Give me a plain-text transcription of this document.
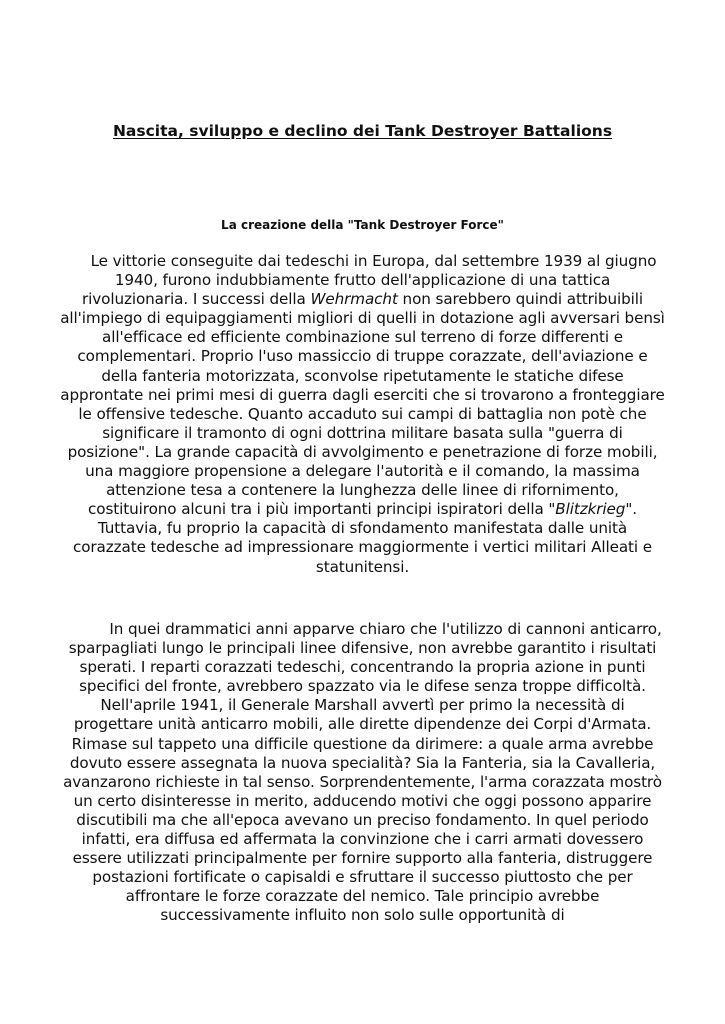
Nascita, sviluppo e declino dei Tank Destroyer Battalions
La creazione della "Tank Destroyer Force"

Le vittorie conseguite dai tedeschi in Europa, dal settembre 1939 al giugno 1940, furono indubbiamente frutto dell'applicazione di una tattica rivoluzionaria. I successi della Wehrmacht non sarebbero quindi attribuibili all'impiego di equipaggiamenti migliori di quelli in dotazione agli avversari bensì all'efficace ed efficiente combinazione sul terreno di forze differenti e complementari. Proprio l'uso massiccio di truppe corazzate, dell'aviazione e della fanteria motorizzata, sconvolse ripetutamente le statiche difese approntate nei primi mesi di guerra dagli eserciti che si trovarono a fronteggiare le offensive tedesche. Quanto accaduto sui campi di battaglia non potè che significare il tramonto di ogni dottrina militare basata sulla "guerra di posizione". La grande capacità di avvolgimento e penetrazione di forze mobili, una maggiore propensione a delegare l'autorità e il comando, la massima attenzione tesa a contenere la lunghezza delle linee di rifornimento, costituirono alcuni tra i più importanti principi ispiratori della "Blitzkrieg". Tuttavia, fu proprio la capacità di sfondamento manifestata dalle unità corazzate tedesche ad impressionare maggiormente i vertici militari Alleati e statunitensi.

In quei drammatici anni apparve chiaro che l'utilizzo di cannoni anticarro, sparpagliati lungo le principali linee difensive, non avrebbe garantito i risultati sperati. I reparti corazzati tedeschi, concentrando la propria azione in punti specifici del fronte, avrebbero spazzato via le difese senza troppe difficoltà. Nell'aprile 1941, il Generale Marshall avvertì per primo la necessità di progettare unità anticarro mobili, alle dirette dipendenze dei Corpi d'Armata. Rimase sul tappeto una difficile questione da dirimere: a quale arma avrebbe dovuto essere assegnata la nuova specialità? Sia la Fanteria, sia la Cavalleria, avanzarono richieste in tal senso. Sorprendentemente, l'arma corazzata mostrò un certo disinteresse in merito, adducendo motivi che oggi possono apparire discutibili ma che all'epoca avevano un preciso fondamento. In quel periodo infatti, era diffusa ed affermata la convinzione che i carri armati dovessero essere utilizzati principalmente per fornire supporto alla fanteria, distruggere postazioni fortificate o capisaldi e sfruttare il successo piuttosto che per affrontare le forze corazzate del nemico. Tale principio avrebbe successivamente influito non solo sulle opportunità di
